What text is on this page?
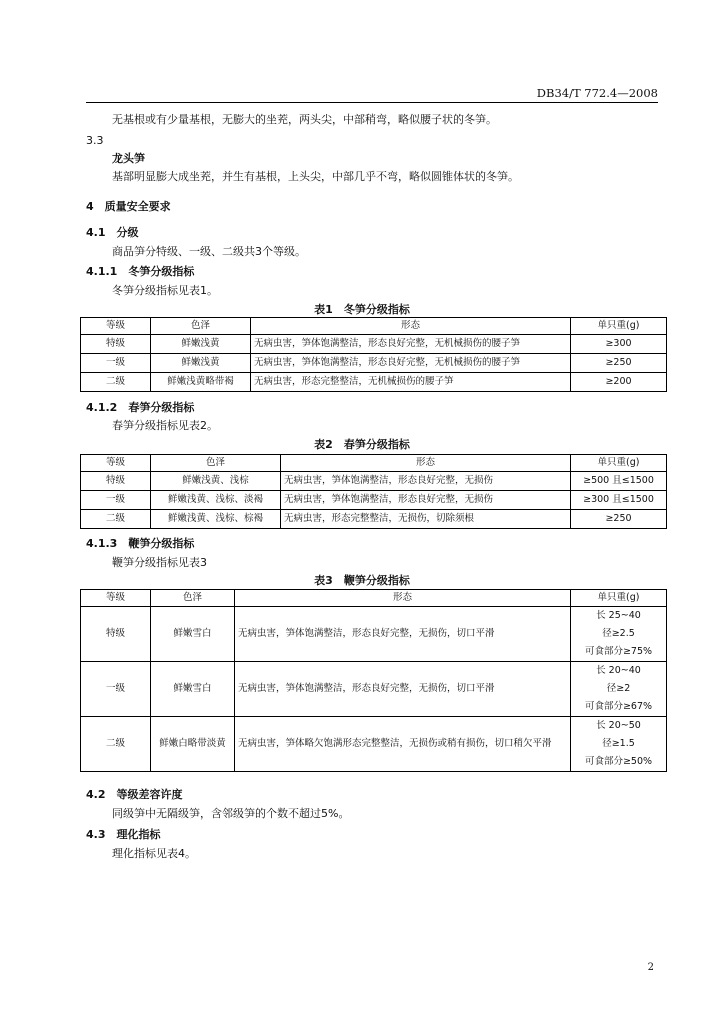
DB34/T 772.4—2008
无基根或有少量基根，无膨大的坐茺，两头尖，中部稍弯，略似腰子状的冬笋。
3.3
龙头笋
基部明显膨大成坐茺，并生有基根，上头尖，中部几乎不弯，略似圆锥体状的冬笋。
4　质量安全要求
4.1　分级
商品笋分特级、一级、二级共3个等级。
4.1.1　冬笋分级指标
冬笋分级指标见表1。
表1　冬笋分级指标
等级	色泽	形态	单只重(g)
特级	鲜嫩浅黄	无病虫害，笋体饱满整洁，形态良好完整，无机械损伤的腰子笋	≥300
一级	鲜嫩浅黄	无病虫害，笋体饱满整洁，形态良好完整，无机械损伤的腰子笋	≥250
二级	鲜嫩浅黄略带褐	无病虫害，形态完整整洁，无机械损伤的腰子笋	≥200
4.1.2　春笋分级指标
春笋分级指标见表2。
表2　春笋分级指标
等级	色泽	形态	单只重(g)
特级	鲜嫩浅黄、浅棕	无病虫害，笋体饱满整洁，形态良好完整，无损伤	≥500 且≤1500
一级	鲜嫩浅黄、浅棕、淡褐	无病虫害，笋体饱满整洁，形态良好完整，无损伤	≥300 且≤1500
二级	鲜嫩浅黄、浅棕、棕褐	无病虫害，形态完整整洁，无损伤，切除须根	≥250
4.1.3　鞭笋分级指标
鞭笋分级指标见表3
表3　鞭笋分级指标
等级	色泽	形态	单只重(g)
特级	鲜嫩雪白	无病虫害，笋体饱满整洁，形态良好完整，无损伤，切口平滑	长 25~40
径≥2.5
可食部分≥75%

一级	鲜嫩雪白	无病虫害，笋体饱满整洁，形态良好完整，无损伤，切口平滑	长 20~40
径≥2
可食部分≥67%

二级	鲜嫩白略带淡黄	无病虫害，笋体略欠饱满形态完整整洁，无损伤或稍有损伤，切口稍欠平滑	长 20~50
径≥1.5
可食部分≥50%
4.2　等级差容许度
同级笋中无隔级笋，含邻级笋的个数不超过5%。
4.3　理化指标
理化指标见表4。
2
